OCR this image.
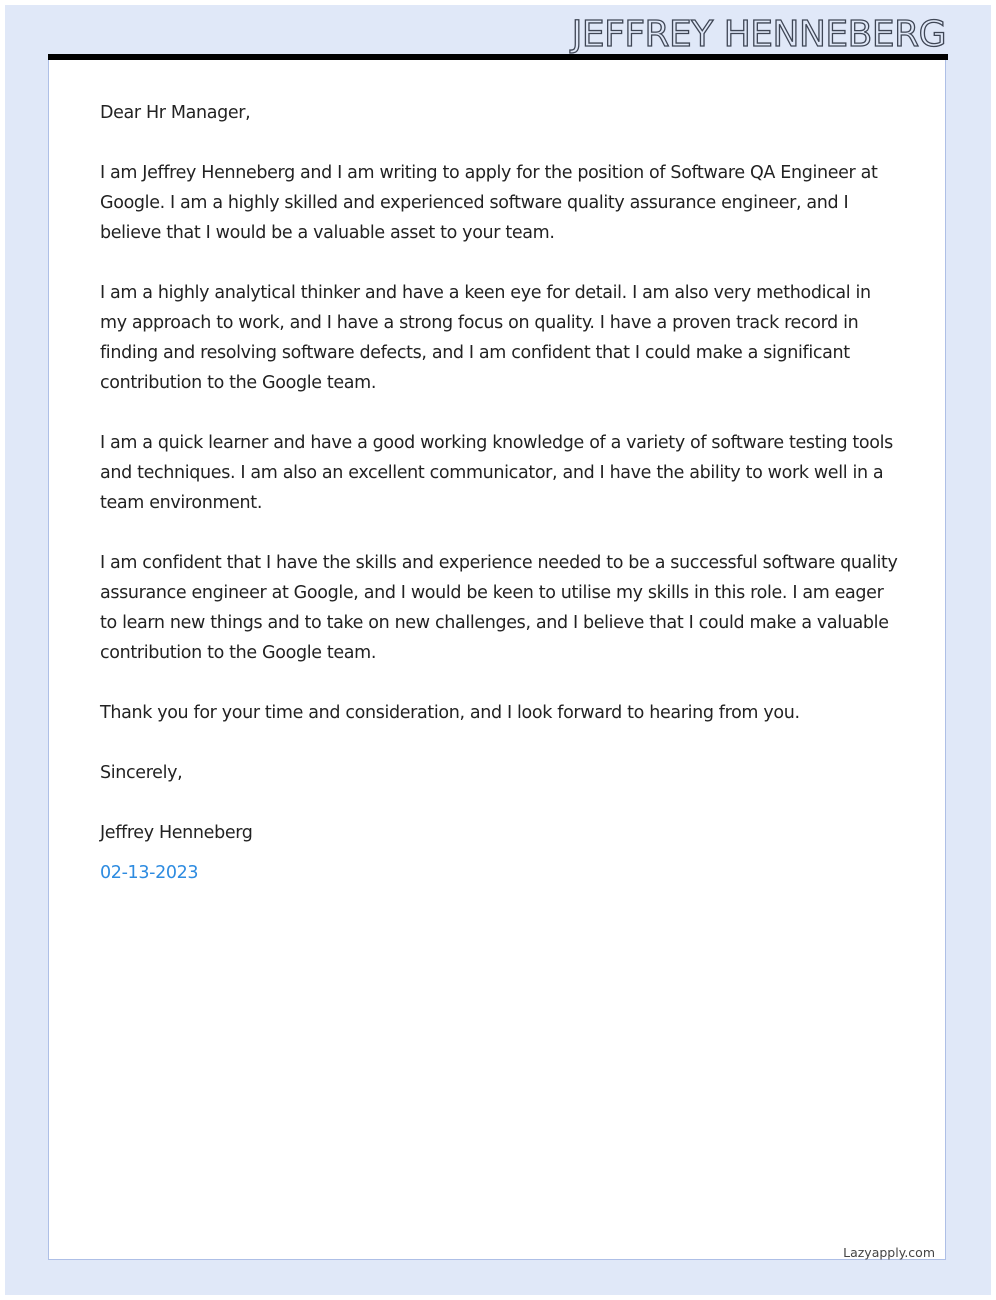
JEFFREY HENNEBERG

Dear Hr Manager,

I am Jeffrey Henneberg and I am writing to apply for the position of Software QA Engineer at Google. I am a highly skilled and experienced software quality assurance engineer, and I believe that I would be a valuable asset to your team.

I am a highly analytical thinker and have a keen eye for detail. I am also very methodical in my approach to work, and I have a strong focus on quality. I have a proven track record in finding and resolving software defects, and I am confident that I could make a significant contribution to the Google team.

I am a quick learner and have a good working knowledge of a variety of software testing tools and techniques. I am also an excellent communicator, and I have the ability to work well in a team environment.

I am confident that I have the skills and experience needed to be a successful software quality assurance engineer at Google, and I would be keen to utilise my skills in this role. I am eager to learn new things and to take on new challenges, and I believe that I could make a valuable contribution to the Google team.

Thank you for your time and consideration, and I look forward to hearing from you.

Sincerely,

Jeffrey Henneberg

02-13-2023

Lazyapply.com
